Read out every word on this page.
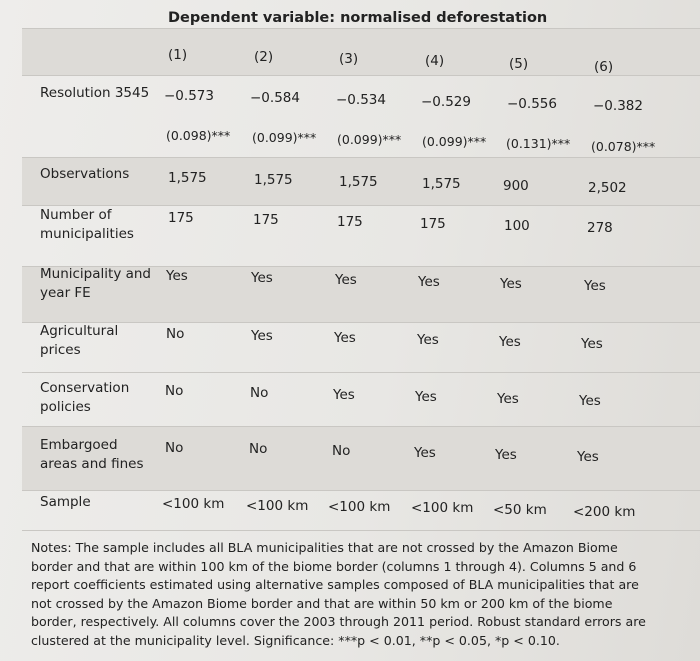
Dependent variable: normalised deforestation
(1)	(2)	(3)	(4)	(5)	(6)
Resolution 3545 −0.573	−0.584	−0.534	−0.529	−0.556	−0.382
(0.098)*** (0.099)*** (0.099)*** (0.099)*** (0.131)*** (0.078)***
Observations	1,575	1,575	1,575	1,575	900	2,502
Number of municipalities
175	175	175	175	100	278
Municipality and year FE
Yes	Yes	Yes	Yes	Yes	Yes
Agricultural prices
No	Yes	Yes	Yes	Yes	Yes
Conservation policies
No	No	Yes	Yes	Yes	Yes
Embargoed areas and fines
No	No	No	Yes	Yes	Yes
Sample	<100 km <100 km <100 km <100 km <50 km <200 km
Notes: The sample includes all BLA municipalities that are not crossed by the Amazon Biome border and that are within 100 km of the biome border (columns 1 through 4). Columns 5 and 6 report coefficients estimated using alternative samples composed of BLA municipalities that are not crossed by the Amazon Biome border and that are within 50 km or 200 km of the biome border, respectively. All columns cover the 2003 through 2011 period. Robust standard errors are clustered at the municipality level. Significance: ***p < 0.01, **p < 0.05, *p < 0.10.
